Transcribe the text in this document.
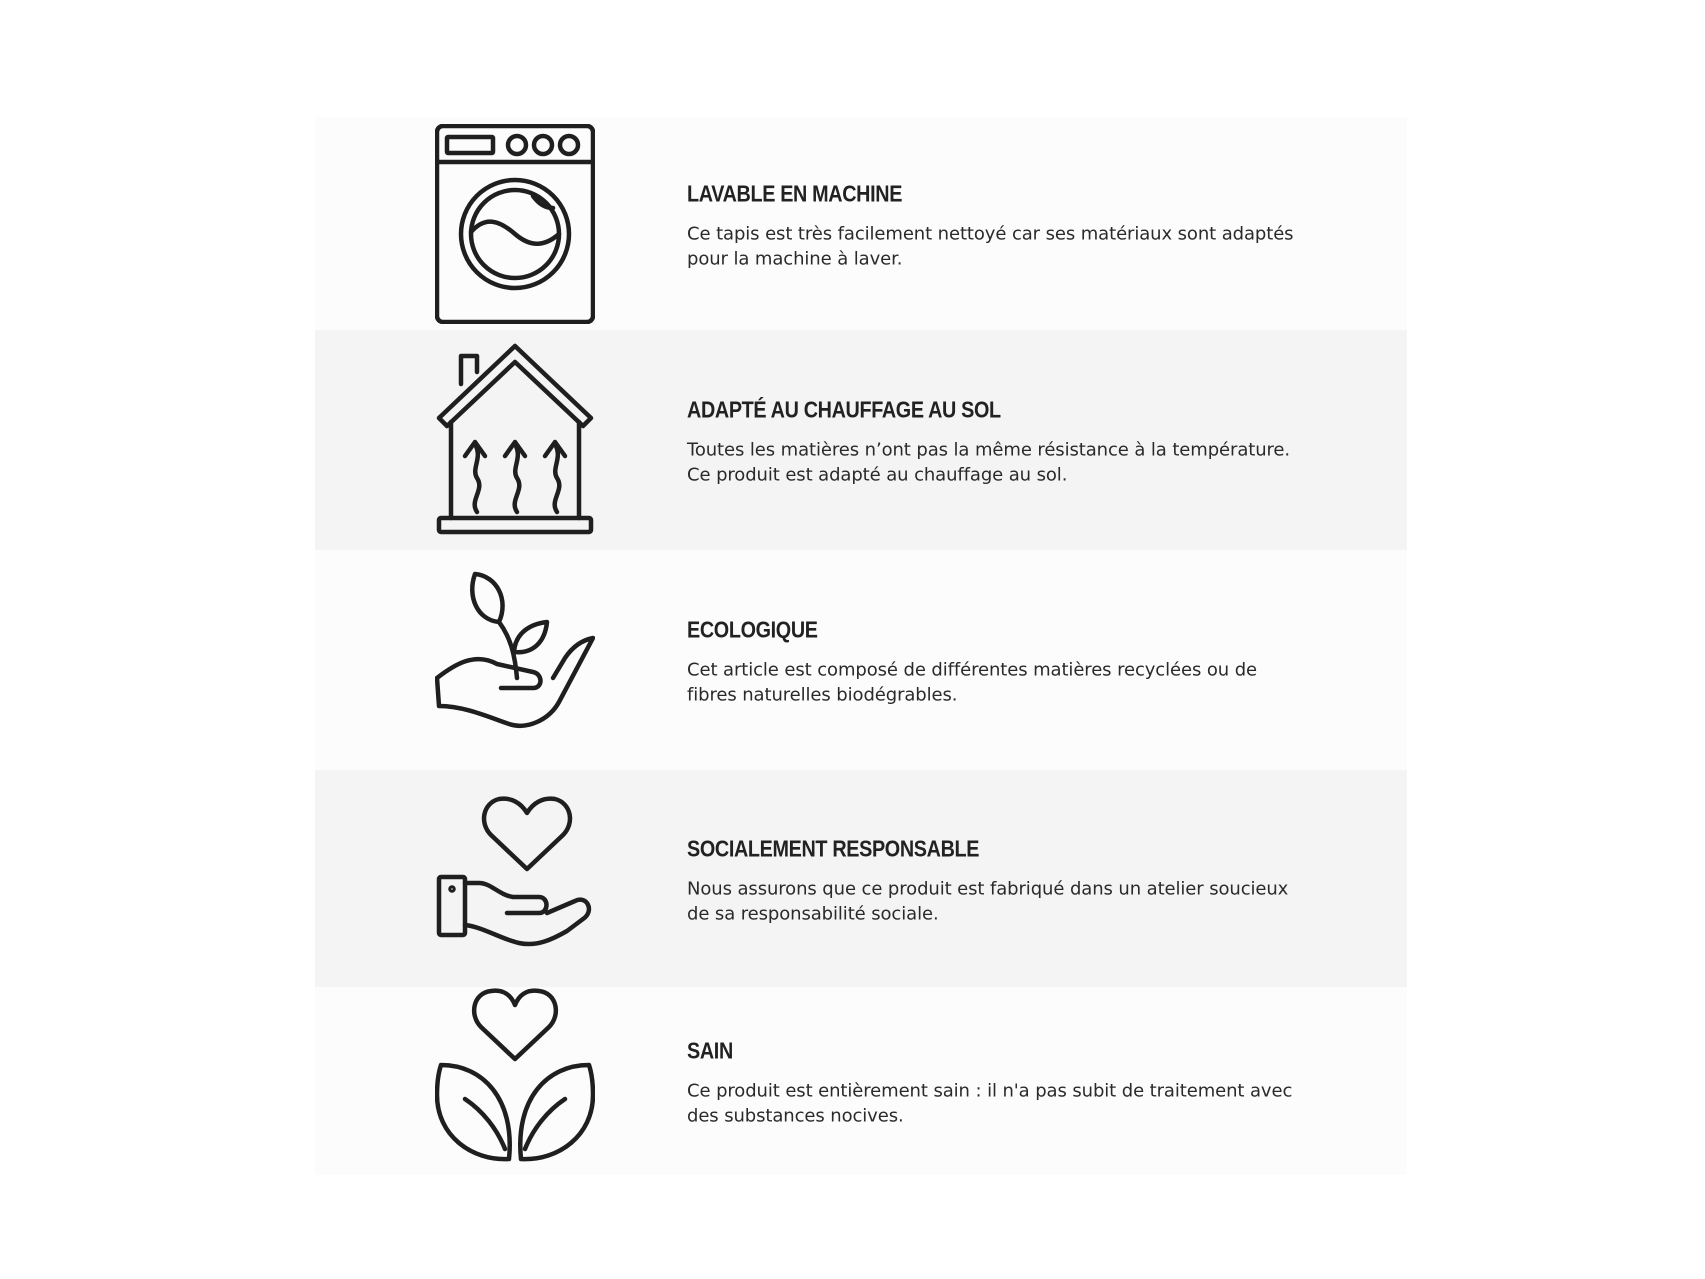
LAVABLE EN MACHINE
Ce tapis est très facilement nettoyé car ses matériaux sont adaptés
pour la machine à laver.
ADAPTÉ AU CHAUFFAGE AU SOL
Toutes les matières n’ont pas la même résistance à la température.
Ce produit est adapté au chauffage au sol.
ECOLOGIQUE
Cet article est composé de différentes matières recyclées ou de
fibres naturelles biodégrables.
SOCIALEMENT RESPONSABLE
Nous assurons que ce produit est fabriqué dans un atelier soucieux
de sa responsabilité sociale.
SAIN
Ce produit est entièrement sain : il n'a pas subit de traitement avec
des substances nocives.
